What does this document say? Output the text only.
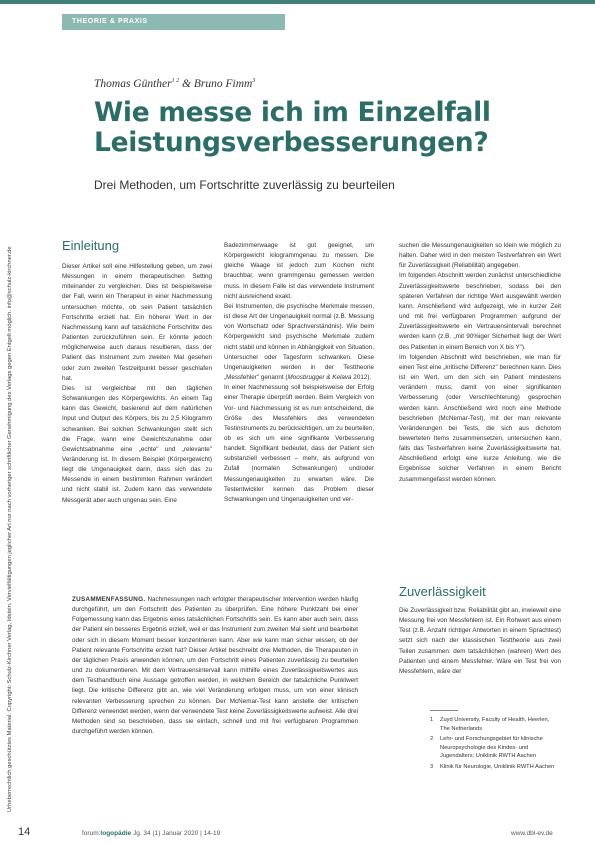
THEORIE & PRAXIS
Urheberrechtlich geschütztes Material. Copyright: Schulz-Kirchner Verlag, Idstein. Vervielfältigungen jeglicher Art nur nach vorheriger schriftlicher Genehmigung des Verlags gegen Entgelt möglich. info@schulz-kirchner.de
Thomas Günther$^{1 2}$ & Bruno Fimm$^3$
Wie messe ich im Einzelfall Leistungsverbesserungen?
Drei Methoden, um Fortschritte zuverlässig zu beurteilen
Einleitung

Dieser Artikel soll eine Hilfestellung geben, um zwei Messungen in einem therapeutischen Setting miteinander zu vergleichen. Dies ist beispielsweise der Fall, wenn ein Therapeut in einer Nachmessung untersuchen möchte, ob sein Patient tatsächlich Fortschritte erzielt hat. Ein höherer Wert in der Nachmessung kann auf tatsächliche Fortschritte des Patienten zurückzuführen sein. Er könnte jedoch möglicherweise auch daraus resultieren, dass der Patient das Instrument zum zweiten Mal gesehen oder zum zweiten Testzeitpunkt besser geschlafen hat.

Dies ist vergleichbar mit den täglichen Schwankungen des Körpergewichts. An einem Tag kann das Gewicht, basierend auf dem natürlichen Input und Output des Körpers, bis zu 2,5 Kilogramm schwanken. Bei solchen Schwankungen stellt sich die Frage, wann eine Gewichtszunahme oder Gewichtsabnahme eine „echte" und „relevante" Veränderung ist. In diesem Beispiel (Körpergewicht) liegt die Ungenauigkeit darin, dass sich das zu Messende in einem bestimmten Rahmen verändert und nicht stabil ist. Zudem kann das verwendete Messgerät aber auch ungenau sein. Eine

Badezimmerwaage ist gut geeignet, um Körpergewicht kilogrammgenau zu messen. Die gleiche Waage ist jedoch zum Kochen nicht brauchbar, wenn grammgenau gemessen werden muss. In diesem Falle ist das verwendete Instrument nicht ausreichend exakt.

Bei Instrumenten, die psychische Merkmale messen, ist diese Art der Ungenauigkeit normal (z.B. Messung von Wortschatz oder Sprachverständnis). Wie beim Körpergewicht sind psychische Merkmale zudem nicht stabil und können in Abhängigkeit von Situation, Untersucher oder Tagesform schwanken. Diese Ungenauigkeiten werden in der Testtheorie „Messfehler" genannt (Moosbrugger & Kelava 2012).

In einer Nachmessung soll beispielsweise der Erfolg einer Therapie überprüft werden. Beim Vergleich von Vor- und Nachmessung ist es nun entscheidend, die Größe des Messfehlers des verwendeten Testinstruments zu berücksichtigen, um zu beurteilen, ob es sich um eine signifikante Verbesserung handelt. Signifikant bedeutet, dass der Patient sich substanziell verbessert – mehr, als aufgrund von Zufall (normalen Schwankungen) und/oder Messungenauigkeiten zu erwarten wäre. Die Testentwickler kennen das Problem dieser Schwankungen und Ungenauigkeiten und ver-

suchen die Messungenauigkeiten so klein wie möglich zu halten. Daher wird in den meisten Testverfahren ein Wert für Zuverlässigkeit (Reliabilität) angegeben.

Im folgenden Abschnitt werden zunächst unterschiedliche Zuverlässigkeitswerte beschrieben, sodass bei den späteren Verfahren der richtige Wert ausgewählt werden kann. Anschließend wird aufgezeigt, wie in kurzer Zeit und mit frei verfügbaren Programmen aufgrund der Zuverlässigkeitswerte ein Vertrauensintervall berechnet werden kann (z.B. „mit 90%iger Sicherheit liegt der Wert des Patienten in einem Bereich von X bis Y").

Im folgenden Abschnitt wird beschrieben, wie man für einen Test eine „kritische Differenz" berechnen kann. Dies ist ein Wert, um den sich ein Patient mindestens verändern muss, damit von einer signifikanten Verbesserung (oder Verschlechterung) gesprochen werden kann. Anschließend wird noch eine Methode beschrieben (McNemar-Test), mit der man relevante Veränderungen bei Tests, die sich aus dichotom bewerteten Items zusammensetzen, untersuchen kann, falls das Testverfahren keine Zuverlässigkeitswerte hat. Abschließend erfolgt eine kurze Anleitung, wie die Ergebnisse solcher Verfahren in einem Bericht zusammengefasst werden können.

Zuverlässigkeit

Die Zuverlässigkeit bzw. Reliabilität gibt an, inwieweit eine Messung frei von Messfehlern ist. Ein Rohwert aus einem Test (z.B. Anzahl richtiger Antworten in einem Sprachtest) setzt sich nach der klassischen Testtheorie aus zwei Teilen zusammen: dem tatsächlichen (wahren) Wert des Patienten und einem Messfehler. Wäre ein Test frei von Messfehlern, wäre der

ZUSAMMENFASSUNG. Nachmessungen nach erfolgter therapeutischer Intervention werden häufig durchgeführt, um den Fortschritt des Patienten zu überprüfen. Eine höhere Punktzahl bei einer Folgemessung kann das Ergebnis eines tatsächlichen Fortschritts sein. Es kann aber auch sein, dass der Patient ein besseres Ergebnis erzielt, weil er das Instrument zum zweiten Mal sieht und bearbeitet oder sich in diesem Moment besser konzentrieren kann. Aber wie kann man sicher wissen, ob der Patient relevante Fortschritte erzielt hat? Dieser Artikel beschreibt drei Methoden, die Therapeuten in der täglichen Praxis anwenden können, um den Fortschritt eines Patienten zuverlässig zu beurteilen und zu dokumentieren. Mit dem Vertrauensintervall kann mithilfe eines Zuverlässigkeitswertes aus dem Testhandbuch eine Aussage getroffen werden, in welchem Bereich der tatsächliche Punktwert liegt. Die kritische Differenz gibt an, wie viel Veränderung erfolgen muss, um von einer klinisch relevanten Verbesserung sprechen zu können. Der McNemar-Test kann anstelle der kritischen Differenz verwendet werden, wenn der verwendete Test keine Zuverlässigkeitswerte aufweist. Alle drei Methoden sind so beschrieben, dass sie einfach, schnell und mit frei verfügbaren Programmen durchgeführt werden können.
1	Zuyd University, Faculty of Health, Heerlen, The Netherlands
2	Lehr- und Forschungsgebiet für klinische Neuropsychologie des Kindes- und Jugendalters; Uniklinik RWTH Aachen
3	Klinik für Neurologie, Uniklinik RWTH Aachen
14	forum:logopädie Jg. 34 (1) Januar 2020 | 14-19	www.dbl-ev.de
